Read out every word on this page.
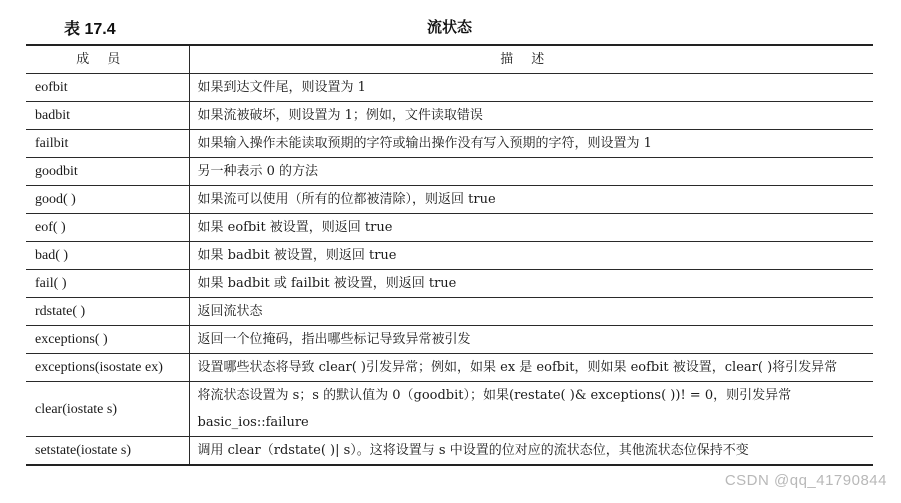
表 17.4	流状态
成员	描述
eofbit	如果到达文件尾，则设置为 1
badbit	如果流被破坏，则设置为 1；例如，文件读取错误
failbit	如果输入操作未能读取预期的字符或输出操作没有写入预期的字符，则设置为 1
goodbit	另一种表示 0 的方法
good( )	如果流可以使用（所有的位都被清除），则返回 true
eof( )	如果 eofbit 被设置，则返回 true
bad( )	如果 badbit 被设置，则返回 true
fail( )	如果 badbit 或 failbit 被设置，则返回 true
rdstate( )	返回流状态
exceptions( )	返回一个位掩码，指出哪些标记导致异常被引发
exceptions(isostate ex)	设置哪些状态将导致 clear( )引发异常；例如，如果 ex 是 eofbit，则如果 eofbit 被设置，clear( )将引发异常
clear(iostate s)	将流状态设置为 s；s 的默认值为 0（goodbit）；如果(restate( )& exceptions( ))! = 0，则引发异常 basic_ios::failure
setstate(iostate s)	调用 clear（rdstate( )| s）。这将设置与 s 中设置的位对应的流状态位，其他流状态位保持不变
CSDN @qq_41790844
